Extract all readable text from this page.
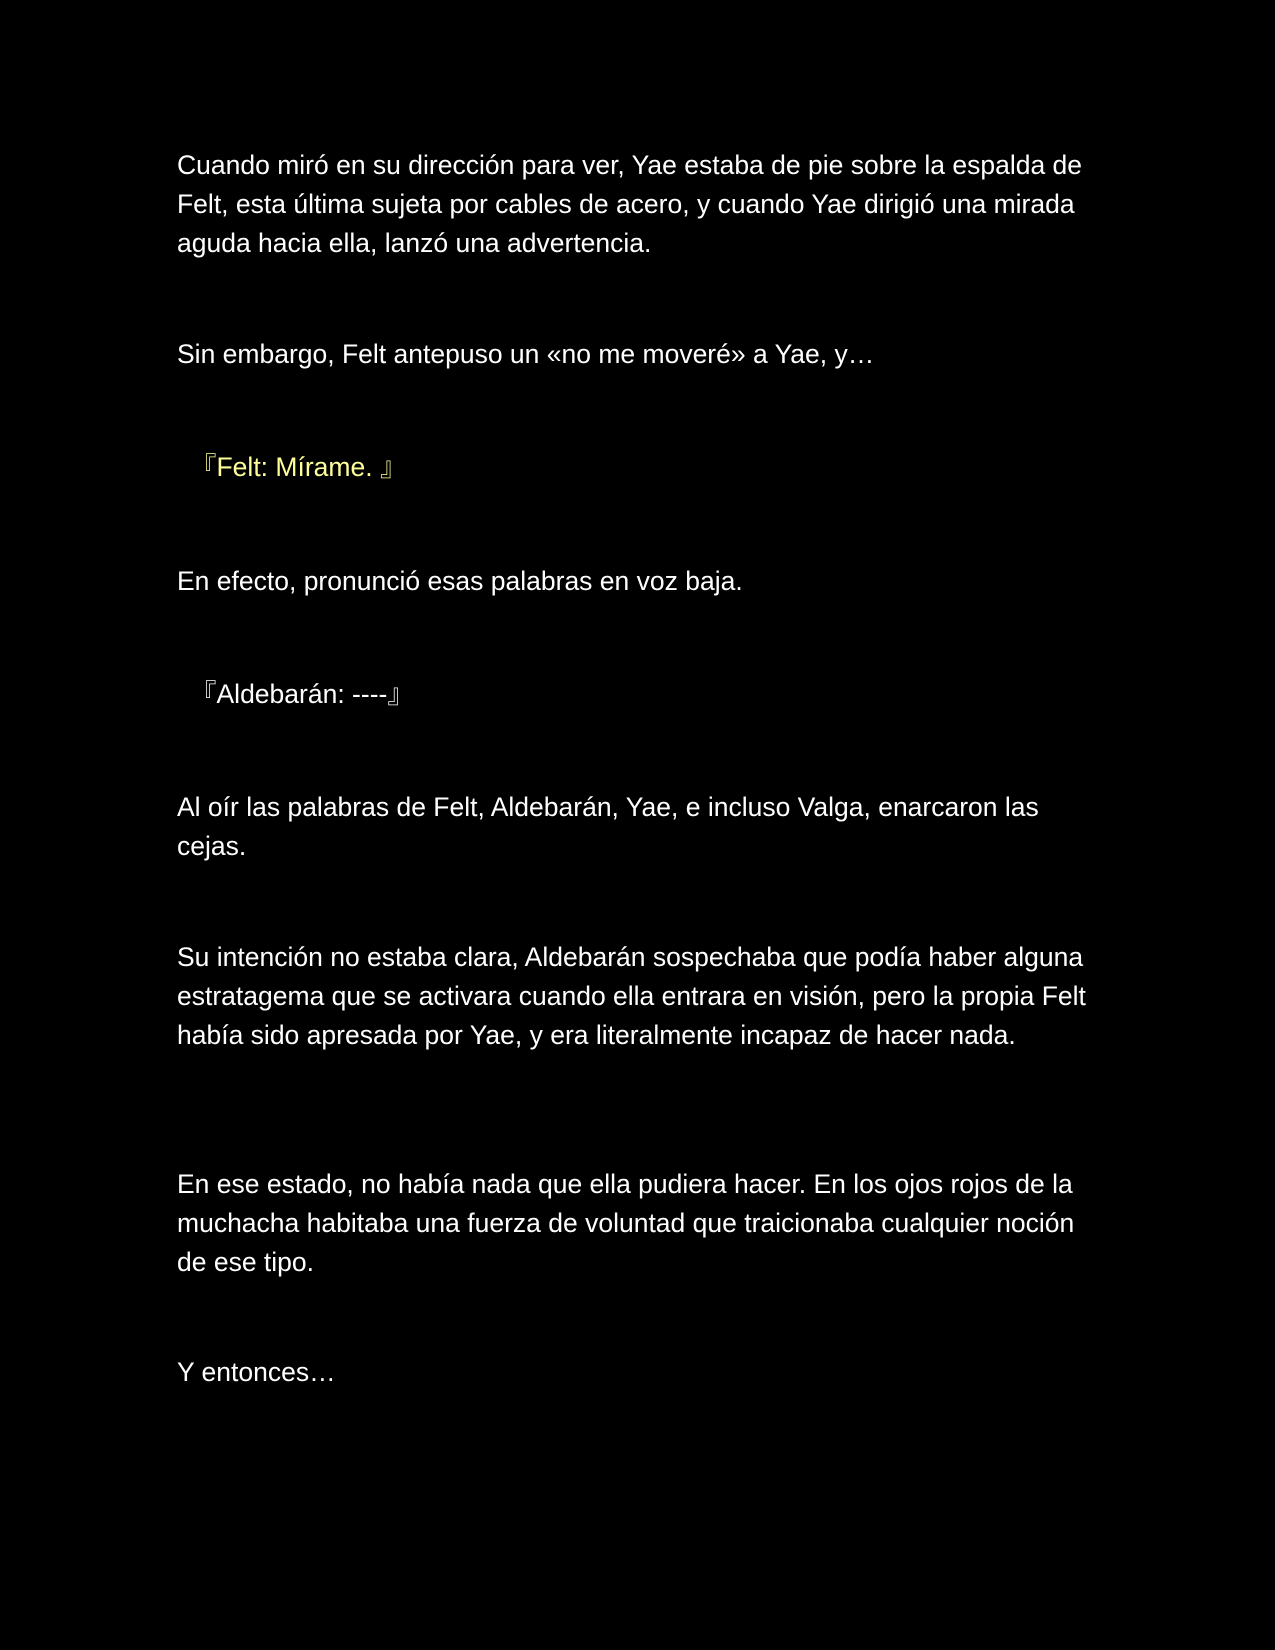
Cuando miró en su dirección para ver, Yae estaba de pie sobre la espalda de Felt, esta última sujeta por cables de acero, y cuando Yae dirigió una mirada aguda hacia ella, lanzó una advertencia.

Sin embargo, Felt antepuso un «no me moveré» a Yae, y…

『Felt: Mírame. 』

En efecto, pronunció esas palabras en voz baja.

『Aldebarán: ----』

Al oír las palabras de Felt, Aldebarán, Yae, e incluso Valga, enarcaron las cejas.

Su intención no estaba clara, Aldebarán sospechaba que podía haber alguna estratagema que se activara cuando ella entrara en visión, pero la propia Felt había sido apresada por Yae, y era literalmente incapaz de hacer nada.

En ese estado, no había nada que ella pudiera hacer. En los ojos rojos de la muchacha habitaba una fuerza de voluntad que traicionaba cualquier noción de ese tipo.

Y entonces…
